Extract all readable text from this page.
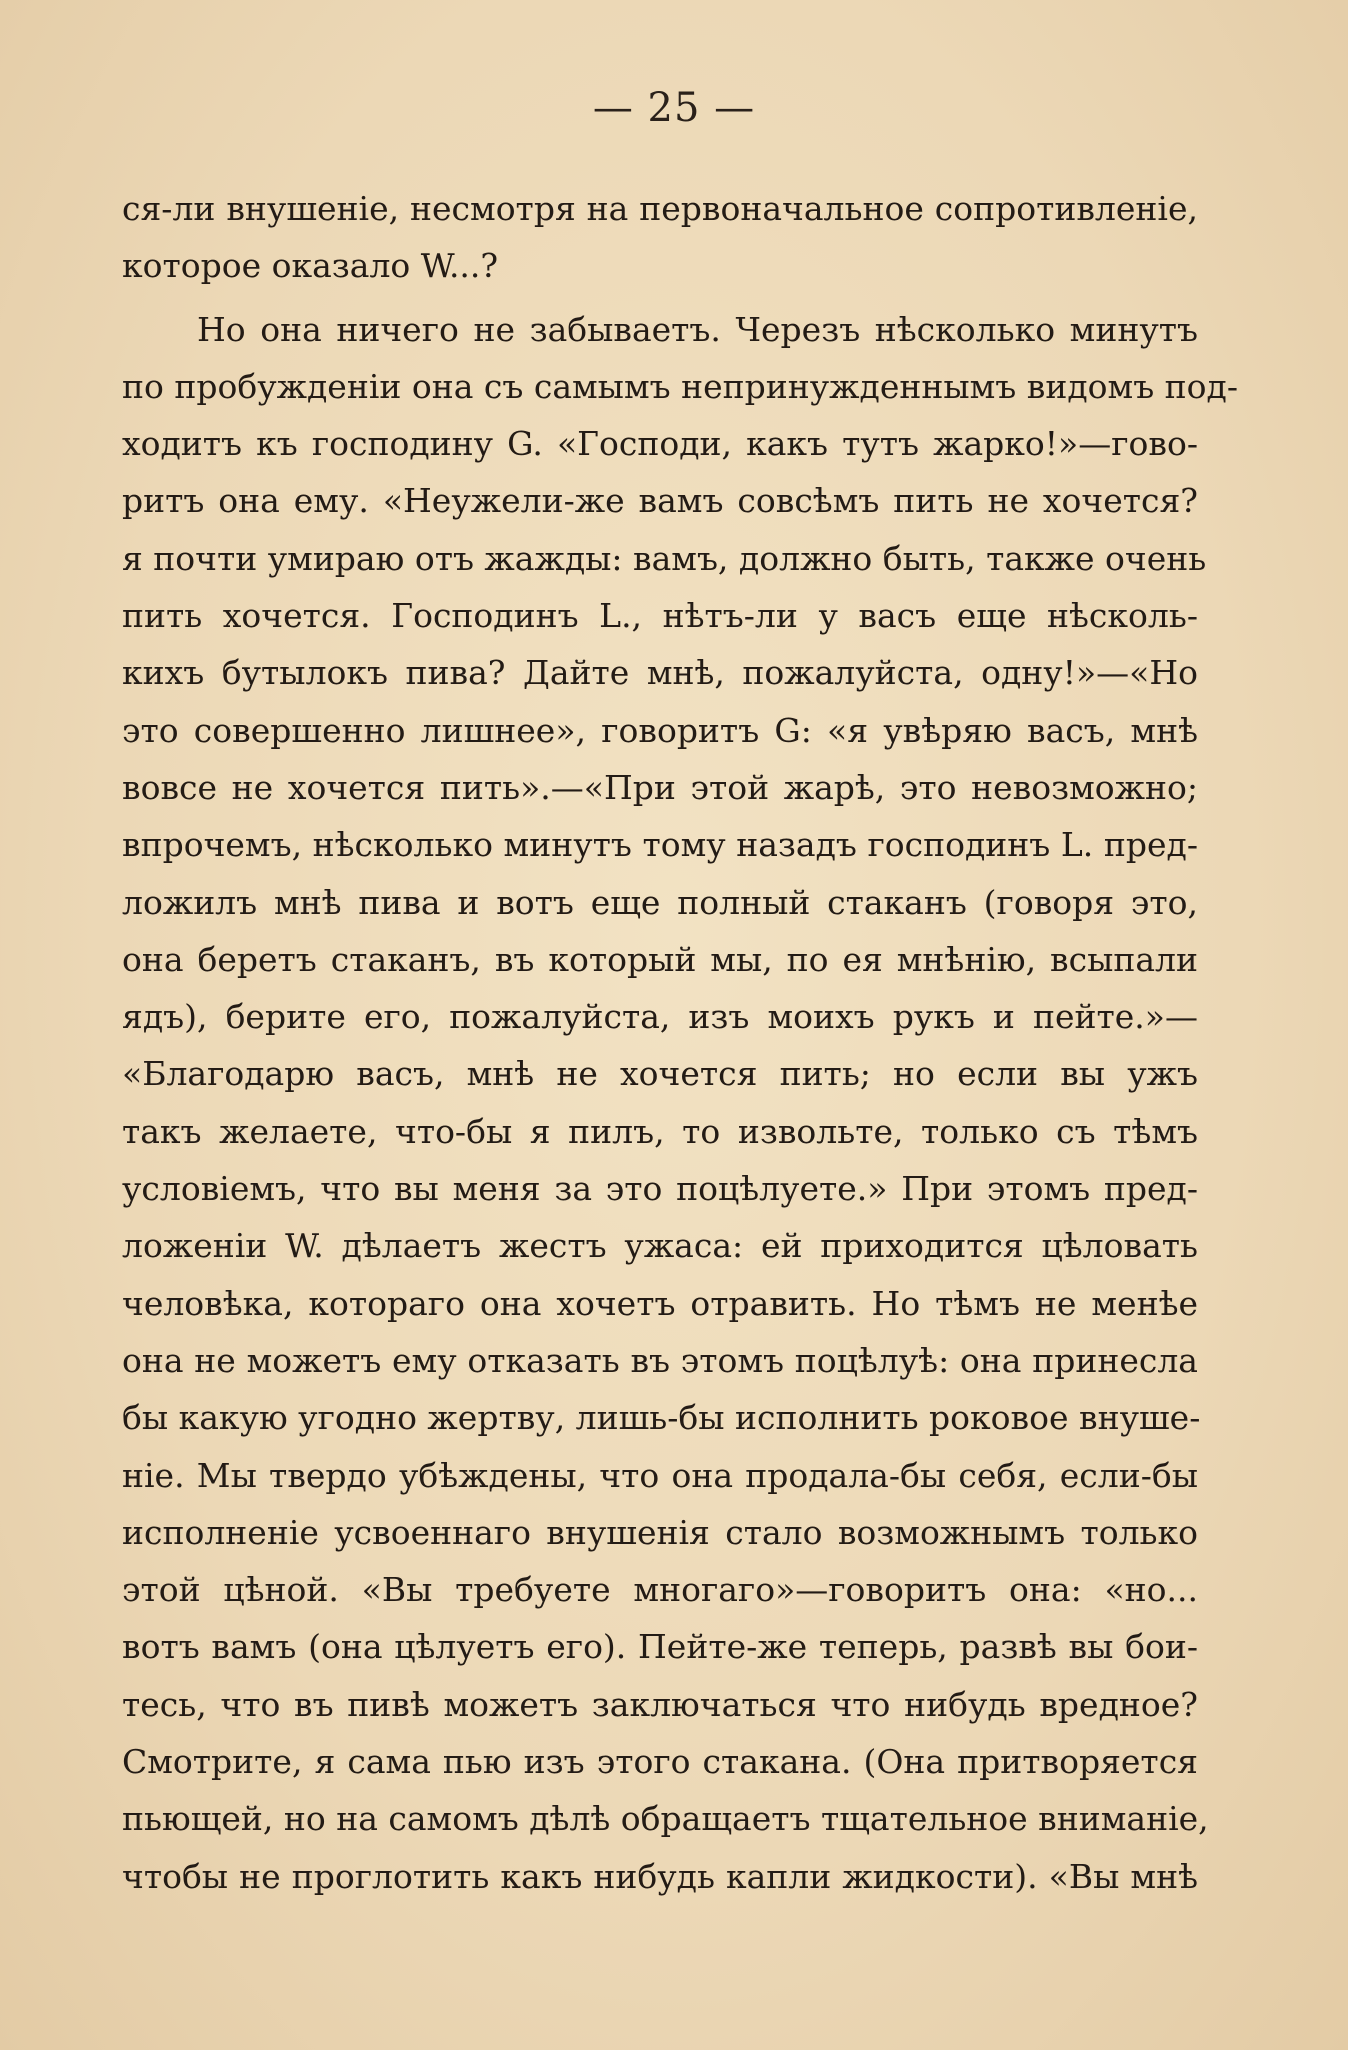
— 25 —
ся-ли внушеніе, несмотря на первоначальное сопротивленіе,
которое оказало W...?
Но она ничего не забываетъ. Черезъ нѣсколько минутъ
по пробужденіи она съ самымъ непринужденнымъ видомъ под-
ходитъ къ господину G. «Господи, какъ тутъ жарко!»—гово-
ритъ она ему. «Неужели-же вамъ совсѣмъ пить не хочется?
я почти умираю отъ жажды: вамъ, должно быть, также очень
пить хочется. Господинъ L., нѣтъ-ли у васъ еще нѣсколь-
кихъ бутылокъ пива? Дайте мнѣ, пожалуйста, одну!»—«Но
это совершенно лишнее», говоритъ G: «я увѣряю васъ, мнѣ
вовсе не хочется пить».—«При этой жарѣ, это невозможно;
впрочемъ, нѣсколько минутъ тому назадъ господинъ L. пред-
ложилъ мнѣ пива и вотъ еще полный стаканъ (говоря это,
она беретъ стаканъ, въ который мы, по ея мнѣнію, всыпали
ядъ), берите его, пожалуйста, изъ моихъ рукъ и пейте.»—
«Благодарю васъ, мнѣ не хочется пить; но если вы ужъ
такъ желаете, что-бы я пилъ, то извольте, только съ тѣмъ
условіемъ, что вы меня за это поцѣлуете.» При этомъ пред-
ложеніи W. дѣлаетъ жестъ ужаса: ей приходится цѣловать
человѣка, котораго она хочетъ отравить. Но тѣмъ не менѣе
она не можетъ ему отказать въ этомъ поцѣлуѣ: она принесла
бы какую угодно жертву, лишь-бы исполнить роковое внуше-
ніе. Мы твердо убѣждены, что она продала-бы себя, если-бы
исполненіе усвоеннаго внушенія стало возможнымъ только
этой цѣной. «Вы требуете многаго»—говоритъ она: «но...
вотъ вамъ (она цѣлуетъ его). Пейте-же теперь, развѣ вы бои-
тесь, что въ пивѣ можетъ заключаться что нибудь вредное?
Смотрите, я сама пью изъ этого стакана. (Она притворяется
пьющей, но на самомъ дѣлѣ обращаетъ тщательное вниманіе,
чтобы не проглотить какъ нибудь капли жидкости). «Вы мнѣ
